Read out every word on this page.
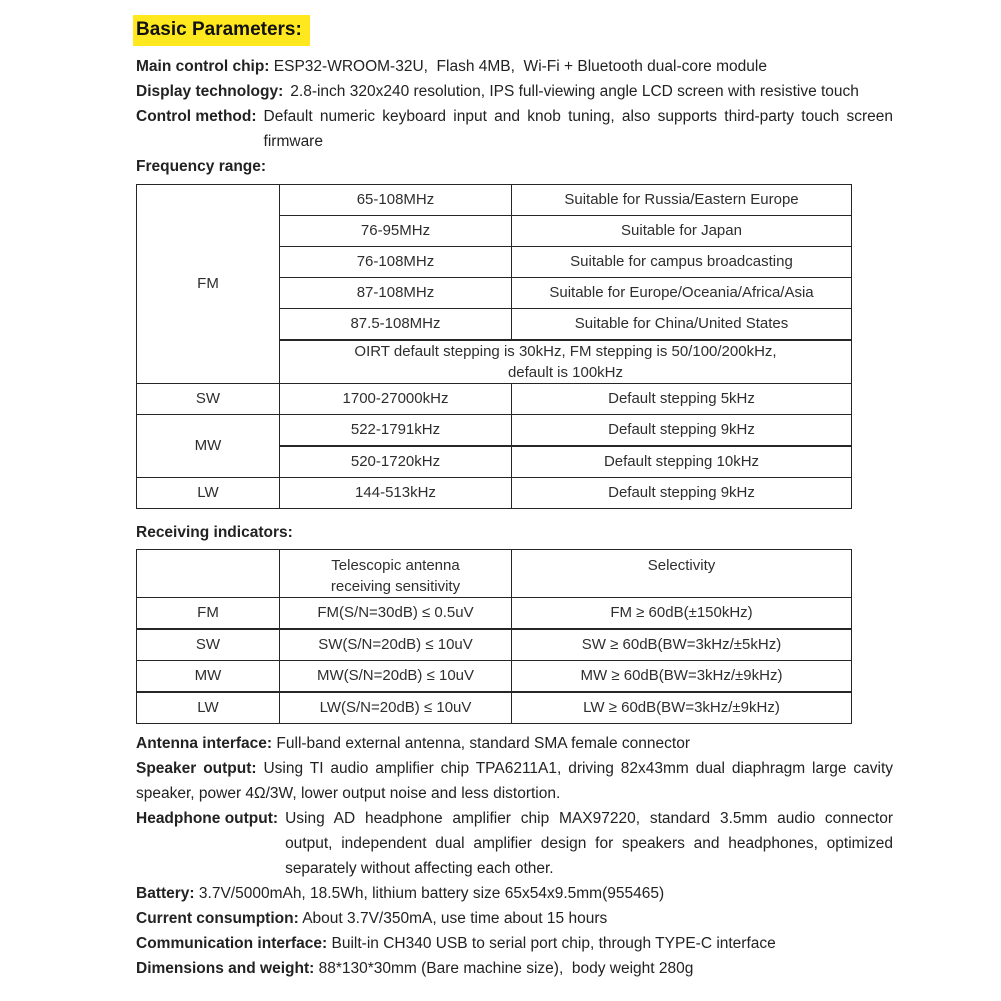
Basic Parameters:

Main control chip: ESP32-WROOM-32U,  Flash 4MB,  Wi-Fi + Bluetooth dual-core module

Display technology: 2.8-inch 320x240 resolution, IPS full-viewing angle LCD screen with resistive touch
Control method: Default numeric keyboard input and knob tuning, also supports third-party touch screen firmware
Frequency range:
FM	65-108MHz	Suitable for Russia/Eastern Europe
	76-95MHz	Suitable for Japan
	76-108MHz	Suitable for campus broadcasting
	87-108MHz	Suitable for Europe/Oceania/Africa/Asia
	87.5-108MHz	Suitable for China/United States

	OIRT default stepping is 30kHz, FM stepping is 50/100/200kHz,
default is 100kHz	

SW	1700-27000kHz	Default stepping 5kHz
MW	522-1791kHz	Default stepping 9kHz
	520-1720kHz	Default stepping 10kHz
LW	144-513kHz	Default stepping 9kHz
Receiving indicators:

	Telescopic antenna
receiving sensitivity	Selectivity
FM	FM(S/N=30dB) ≤ 0.5uV	FM ≥ 60dB(±150kHz)
SW	SW(S/N=20dB) ≤ 10uV	SW ≥ 60dB(BW=3kHz/±5kHz)
MW	MW(S/N=20dB) ≤ 10uV	MW ≥ 60dB(BW=3kHz/±9kHz)
LW	LW(S/N=20dB) ≤ 10uV	LW ≥ 60dB(BW=3kHz/±9kHz)

Antenna interface: Full-band external antenna, standard SMA female connector

Speaker output: Using TI audio amplifier chip TPA6211A1, driving 82x43mm dual diaphragm large cavity speaker, power 4Ω/3W, lower output noise and less distortion.

Headphone output: Using AD headphone amplifier chip MAX97220, standard 3.5mm audio connector output, independent dual amplifier design for speakers and headphones, optimized separately without affecting each other.

Battery: 3.7V/5000mAh, 18.5Wh, lithium battery size 65x54x9.5mm(955465)

Current consumption: About 3.7V/350mA, use time about 15 hours

Communication interface: Built-in CH340 USB to serial port chip, through TYPE-C interface

Dimensions and weight: 88*130*30mm (Bare machine size),  body weight 280g
